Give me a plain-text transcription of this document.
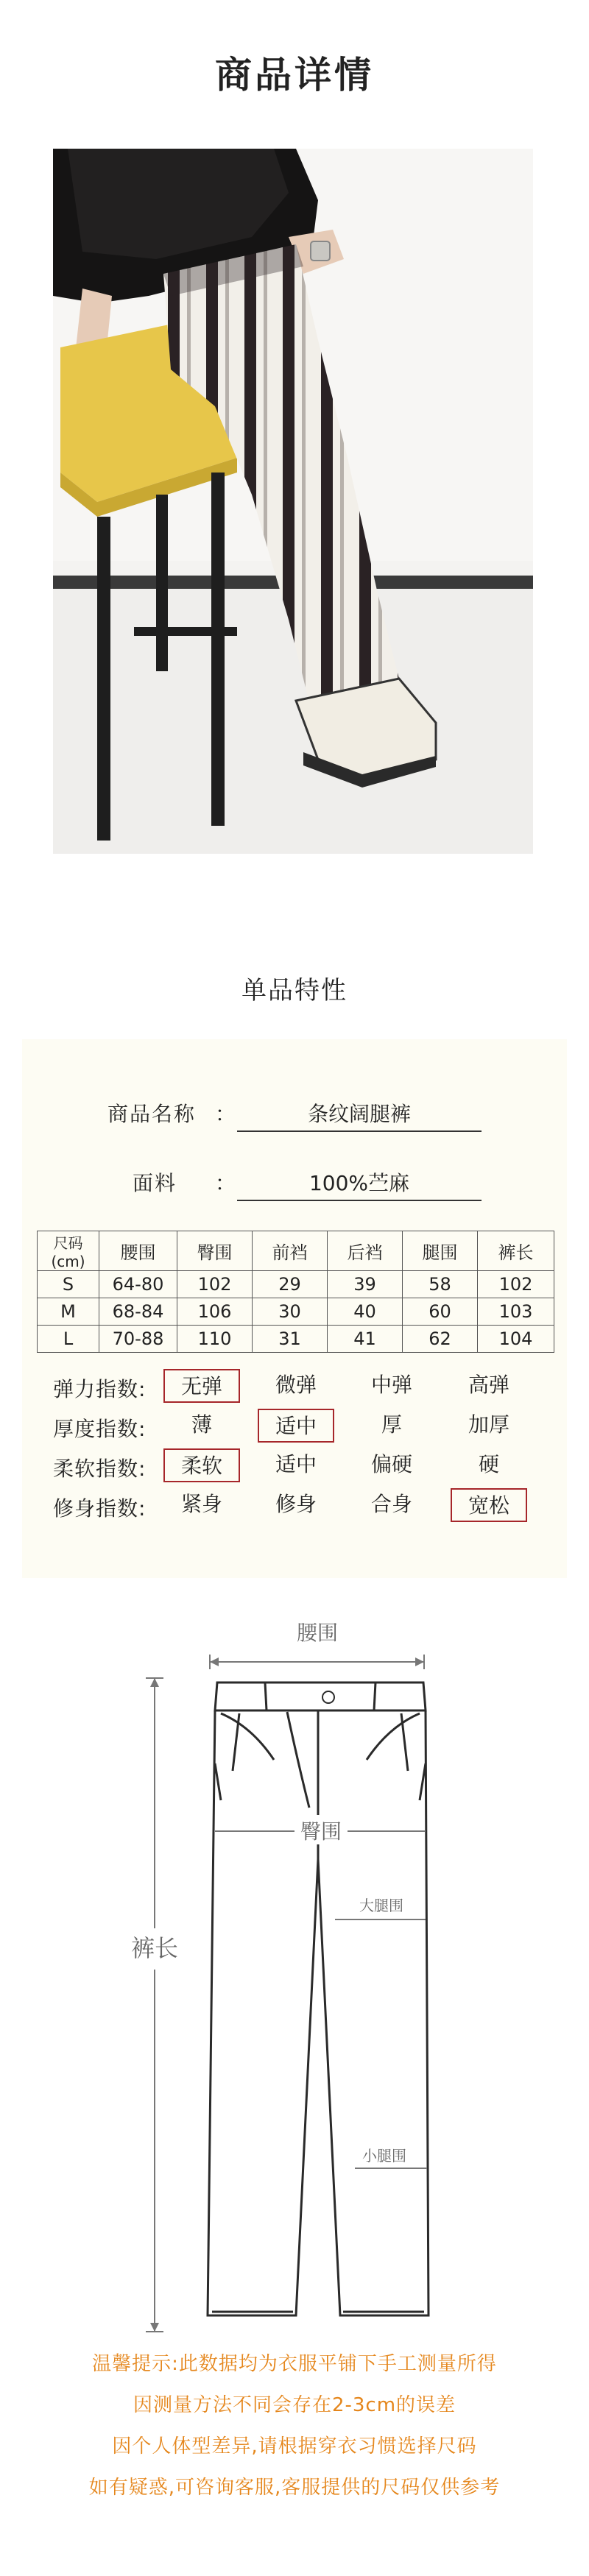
商品详情
单品特性
商品名称 ：	条纹阔腿裤
面料 ：	100%苎麻
尺码(cm)	腰围	臀围	前裆	后裆	腿围	裤长
S	64-80	102	29	39	58	102
M	68-84	106	30	40	60	103
L	70-88	110	31	41	62	104
弹力指数:	无弹	微弹	中弹	高弹
厚度指数:	薄	适中	厚	加厚
柔软指数:	柔软	适中	偏硬	硬
修身指数:	紧身	修身	合身	宽松
腰围
裤长
臀围
大腿围
小腿围
温馨提示:此数据均为衣服平铺下手工测量所得
因测量方法不同会存在2-3cm的误差
因个人体型差异,请根据穿衣习惯选择尺码
如有疑惑,可咨询客服,客服提供的尺码仅供参考
